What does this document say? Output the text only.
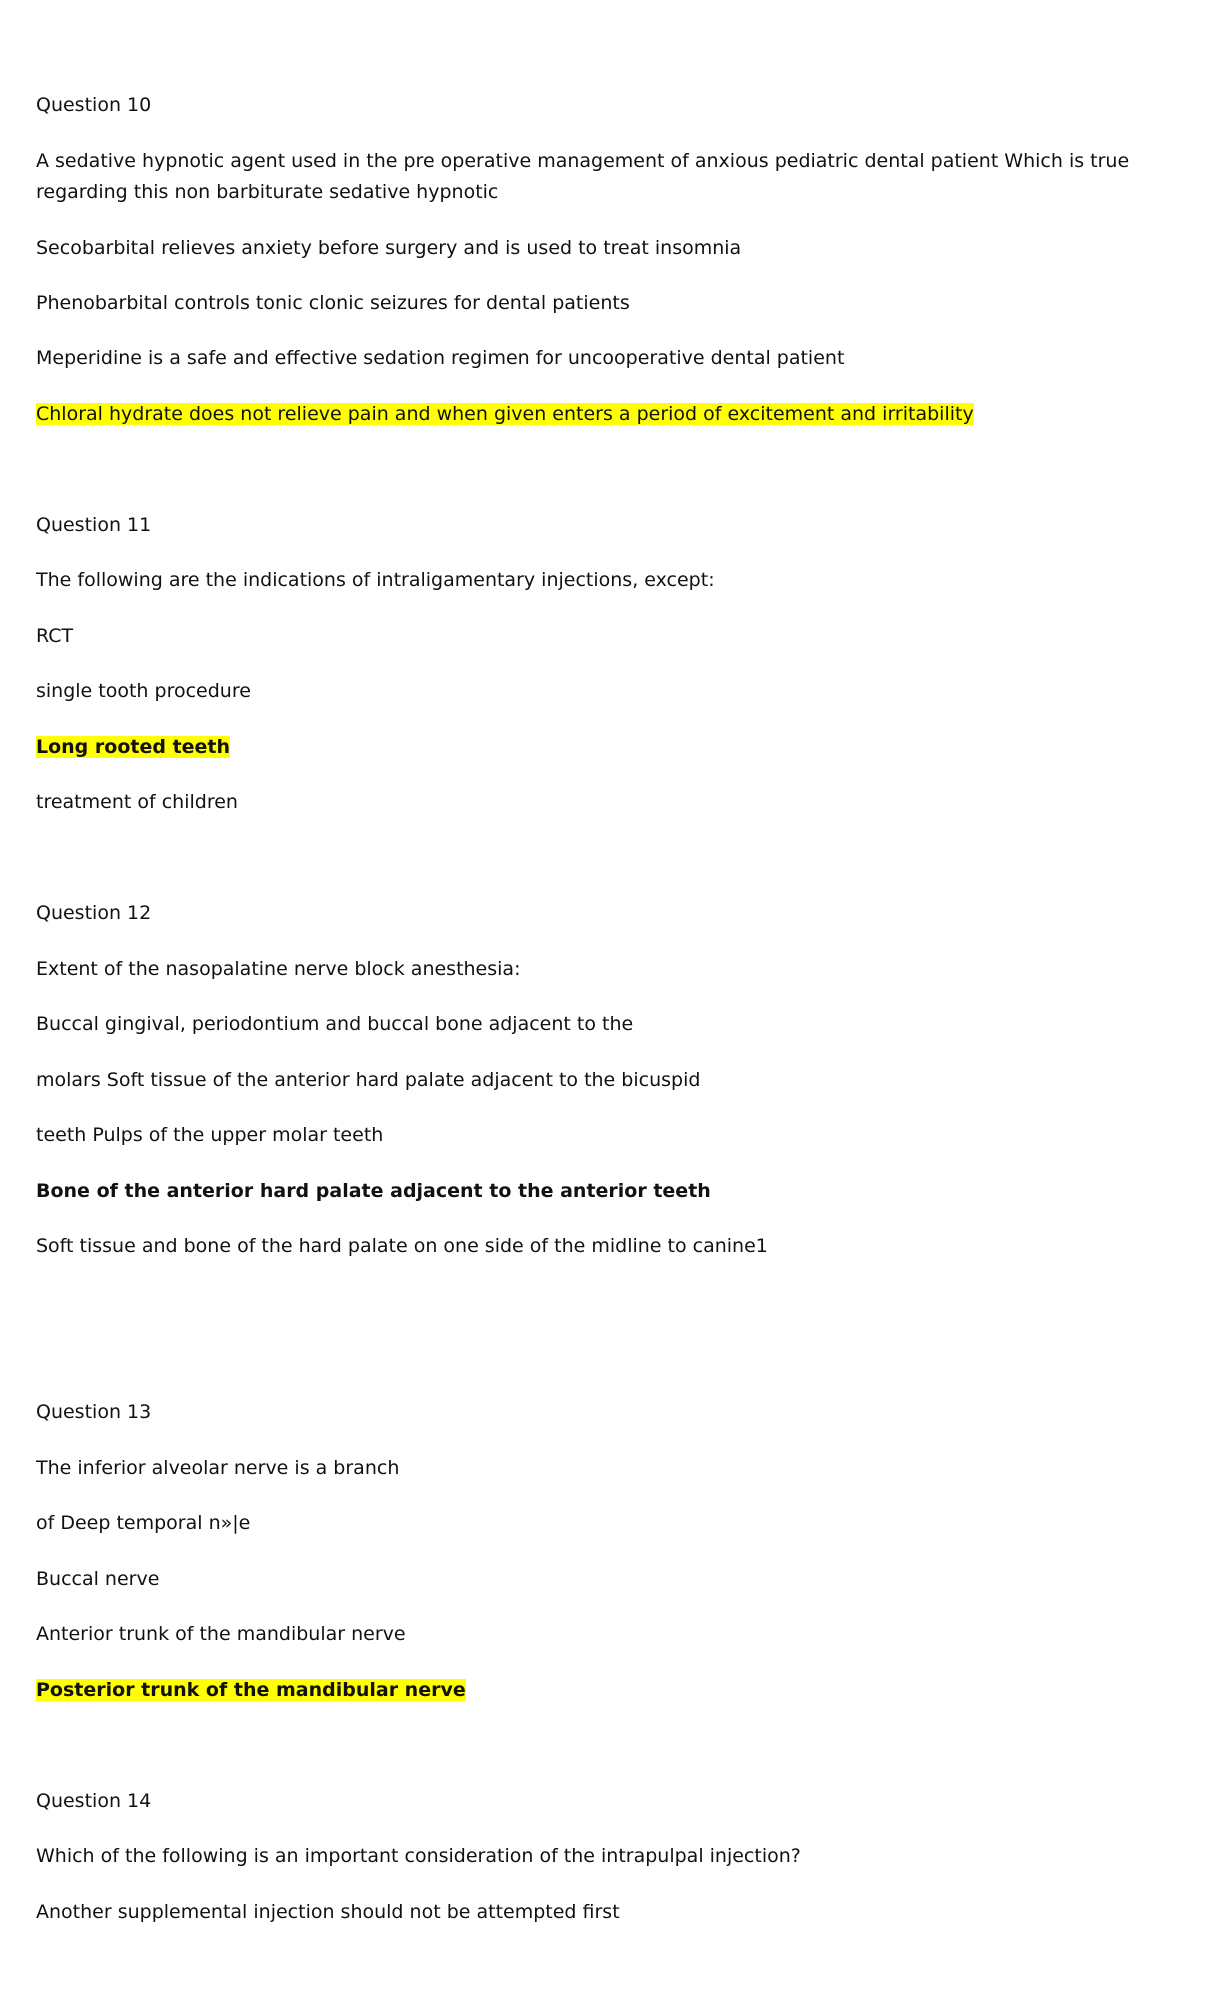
Question 10
A sedative hypnotic agent used in the pre operative management of anxious pediatric dental patient Which is true regarding this non barbiturate sedative hypnotic
Secobarbital relieves anxiety before surgery and is used to treat insomnia
Phenobarbital controls tonic clonic seizures for dental patients
Meperidine is a safe and effective sedation regimen for uncooperative dental patient
Chloral hydrate does not relieve pain and when given enters a period of excitement and irritability
Question 11
The following are the indications of intraligamentary injections, except:
RCT
single tooth procedure
Long rooted teeth
treatment of children
Question 12
Extent of the nasopalatine nerve block anesthesia:
Buccal gingival, periodontium and buccal bone adjacent to the
molars Soft tissue of the anterior hard palate adjacent to the bicuspid
teeth Pulps of the upper molar teeth
Bone of the anterior hard palate adjacent to the anterior teeth
Soft tissue and bone of the hard palate on one side of the midline to canine1
Question 13
The inferior alveolar nerve is a branch
of Deep temporal n»|e
Buccal nerve
Anterior trunk of the mandibular nerve
Posterior trunk of the mandibular nerve
Question 14
Which of the following is an important consideration of the intrapulpal injection?
Another supplemental injection should not be attempted first
